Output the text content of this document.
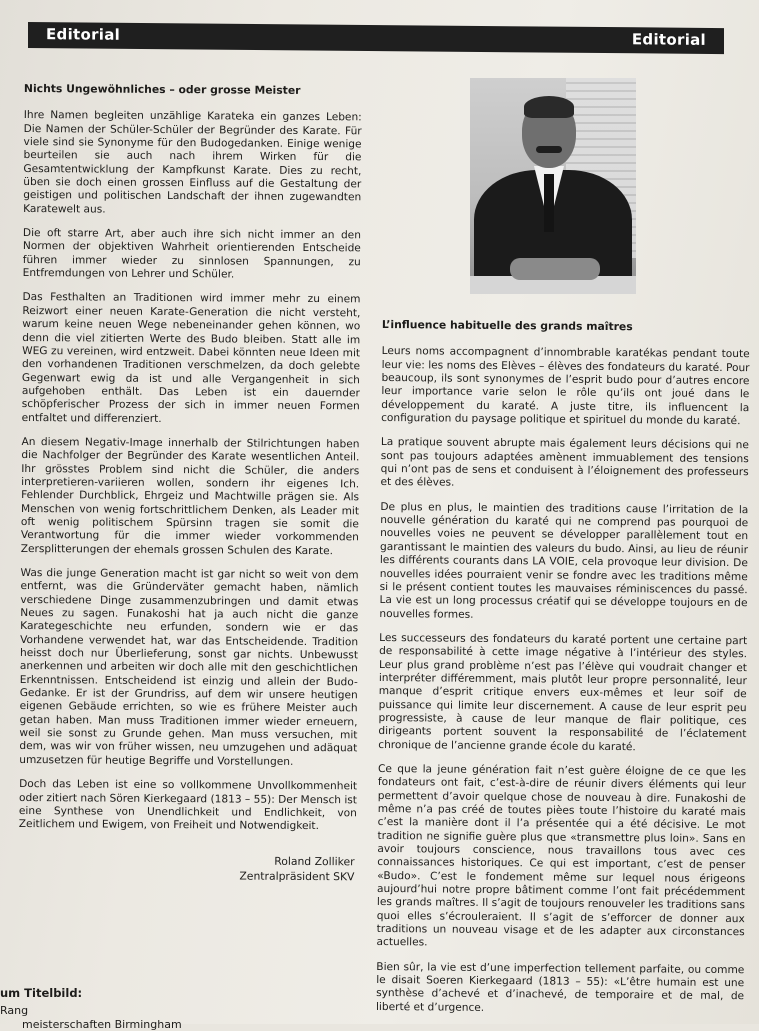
Editorial	Editorial
Nichts Ungewöhnliches – oder grosse Meister

Ihre Namen begleiten unzählige Karateka ein ganzes Leben: Die Namen der Schüler-Schüler der Begründer des Karate. Für viele sind sie Synonyme für den Budogedanken. Einige wenige beurteilen sie auch nach ihrem Wirken für die Gesamtentwicklung der Kampfkunst Karate. Dies zu recht, üben sie doch einen grossen Einfluss auf die Gestaltung der geistigen und politischen Landschaft der ihnen zugewandten Karatewelt aus.

Die oft starre Art, aber auch ihre sich nicht immer an den Normen der objektiven Wahrheit orientierenden Entscheide führen immer wieder zu sinnlosen Spannungen, zu Entfremdungen von Lehrer und Schüler.

Das Festhalten an Traditionen wird immer mehr zu einem Reizwort einer neuen Karate-Generation die nicht versteht, warum keine neuen Wege nebeneinander gehen können, wo denn die viel zitierten Werte des Budo bleiben. Statt alle im WEG zu vereinen, wird entzweit. Dabei könnten neue Ideen mit den vorhandenen Traditionen verschmelzen, da doch gelebte Gegenwart ewig da ist und alle Vergangenheit in sich aufgehoben enthält. Das Leben ist ein dauernder schöpferischer Prozess der sich in immer neuen Formen entfaltet und differenziert.

An diesem Negativ-Image innerhalb der Stilrichtungen haben die Nachfolger der Begründer des Karate wesentlichen Anteil. Ihr grösstes Problem sind nicht die Schüler, die anders interpretieren-variieren wollen, sondern ihr eigenes Ich. Fehlender Durchblick, Ehrgeiz und Machtwille prägen sie. Als Menschen von wenig fortschrittlichem Denken, als Leader mit oft wenig politischem Spürsinn tragen sie somit die Verantwortung für die immer wieder vorkommenden Zersplitterungen der ehemals grossen Schulen des Karate.

Was die junge Generation macht ist gar nicht so weit von dem entfernt, was die Gründerväter gemacht haben, nämlich verschiedene Dinge zusammenzubringen und damit etwas Neues zu sagen. Funakoshi hat ja auch nicht die ganze Karategeschichte neu erfunden, sondern wie er das Vorhandene verwendet hat, war das Entscheidende. Tradition heisst doch nur Überlieferung, sonst gar nichts. Unbewusst anerkennen und arbeiten wir doch alle mit den geschichtlichen Erkenntnissen. Entscheidend ist einzig und allein der Budo-Gedanke. Er ist der Grundriss, auf dem wir unsere heutigen eigenen Gebäude errichten, so wie es frühere Meister auch getan haben. Man muss Traditionen immer wieder erneuern, weil sie sonst zu Grunde gehen. Man muss versuchen, mit dem, was wir von früher wissen, neu umzugehen und adäquat umzusetzen für heutige Begriffe und Vorstellungen.

Doch das Leben ist eine so vollkommene Unvollkommenheit oder zitiert nach Sören Kierkegaard (1813 – 55): Der Mensch ist eine Synthese von Unendlichkeit und Endlichkeit, von Zeitlichem und Ewigem, von Freiheit und Notwendigkeit.

Roland Zolliker
Zentralpräsident SKV
L’influence habituelle des grands maîtres

Leurs noms accompagnent d’innombrable karatékas pendant toute leur vie: les noms des Elèves – élèves des fondateurs du karaté. Pour beaucoup, ils sont synonymes de l’esprit budo pour d’autres encore leur importance varie selon le rôle qu’ils ont joué dans le développement du karaté. A juste titre, ils influencent la configuration du paysage politique et spirituel du monde du karaté.

La pratique souvent abrupte mais également leurs décisions qui ne sont pas toujours adaptées amènent immuablement des tensions qui n’ont pas de sens et conduisent à l’éloignement des professeurs et des élèves.

De plus en plus, le maintien des traditions cause l’irritation de la nouvelle génération du karaté qui ne comprend pas pourquoi de nouvelles voies ne peuvent se développer parallèlement tout en garantissant le maintien des valeurs du budo. Ainsi, au lieu de réunir les différents courants dans LA VOIE, cela provoque leur division. De nouvelles idées pourraient venir se fondre avec les traditions même si le présent contient toutes les mauvaises réminiscences du passé. La vie est un long processus créatif qui se développe toujours en de nouvelles formes.

Les successeurs des fondateurs du karaté portent une certaine part de responsabilité à cette image négative à l’intérieur des styles. Leur plus grand problème n’est pas l’élève qui voudrait changer et interpréter différemment, mais plutôt leur propre personnalité, leur manque d’esprit critique envers eux-mêmes et leur soif de puissance qui limite leur discernement. A cause de leur esprit peu progressiste, à cause de leur manque de flair politique, ces dirigeants portent souvent la responsabilité de l’éclatement chronique de l’ancienne grande école du karaté.

Ce que la jeune génération fait n’est guère éloigne de ce que les fondateurs ont fait, c’est-à-dire de réunir divers éléments qui leur permettent d’avoir quelque chose de nouveau à dire. Funakoshi de même n’a pas créé de toutes pièes toute l’histoire du karaté mais c’est la manière dont il l’a présentée qui a été décisive. Le mot tradition ne signifie guère plus que «transmettre plus loin». Sans en avoir toujours conscience, nous travaillons tous avec ces connaissances historiques. Ce qui est important, c’est de penser «Budo». C’est le fondement même sur lequel nous érigeons aujourd’hui notre propre bâtiment comme l’ont fait précédemment les grands maîtres. Il s’agit de toujours renouveler les traditions sans quoi elles s’écrouleraient. Il s’agit de s’efforcer de donner aux traditions un nouveau visage et de les adapter aux circonstances actuelles.

Bien sûr, la vie est d’une imperfection tellement parfaite, ou comme le disait Soeren Kierkegaard (1813 – 55): «L’être humain est une synthèse d’achevé et d’inachevé, de temporaire et de mal, de liberté et d’urgence.

um Titelbild:
Rang
meisterschaften Birmingham
